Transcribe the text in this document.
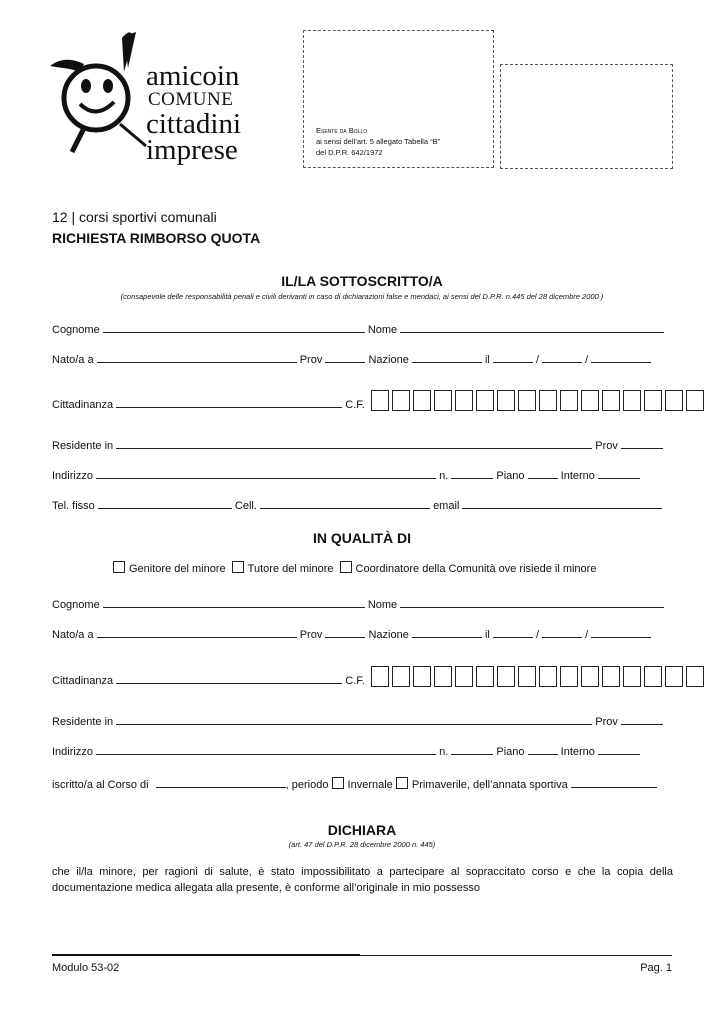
amicoin
COMUNE
cittadini
imprese
Esente da Bollo
ai sensi dell’art. 5 allegato Tabella “B”
del D.P.R. 642/1972
12 | corsi sportivi comunali
RICHIESTA RIMBORSO QUOTA
IL/LA SOTTOSCRITTO/A
(consapevole delle responsabilità penali e civili derivanti in caso di dichiarazioni false e mendaci, ai sensi del D.P.R. n.445 del 28 dicembre 2000 )
Cognome	Nome
Nato/a a	Prov	Nazione	il	/	/
Cittadinanza	C.F.
Residente in	Prov
Indirizzo	n.	Piano	Interno
Tel. fisso	Cell.	email
IN QUALITÀ DI
Genitore del minore Tutore del minore Coordinatore della Comunità ove risiede il minore
Cognome	Nome
Nato/a a	Prov	Nazione	il	/	/
Cittadinanza	C.F.
Residente in	Prov
Indirizzo	n.	Piano	Interno
iscritto/a al Corso di	, periodo Invernale Primaverile, dell’annata sportiva
DICHIARA
(art. 47 del D.P.R. 28 dicembre 2000 n. 445)
che il/la minore, per ragioni di salute, è stato impossibilitato a partecipare al sopraccitato corso e che la copia della
documentazione medica allegata alla presente, è conforme all’originale in mio possesso
Modulo 53-02	Pag. 1
